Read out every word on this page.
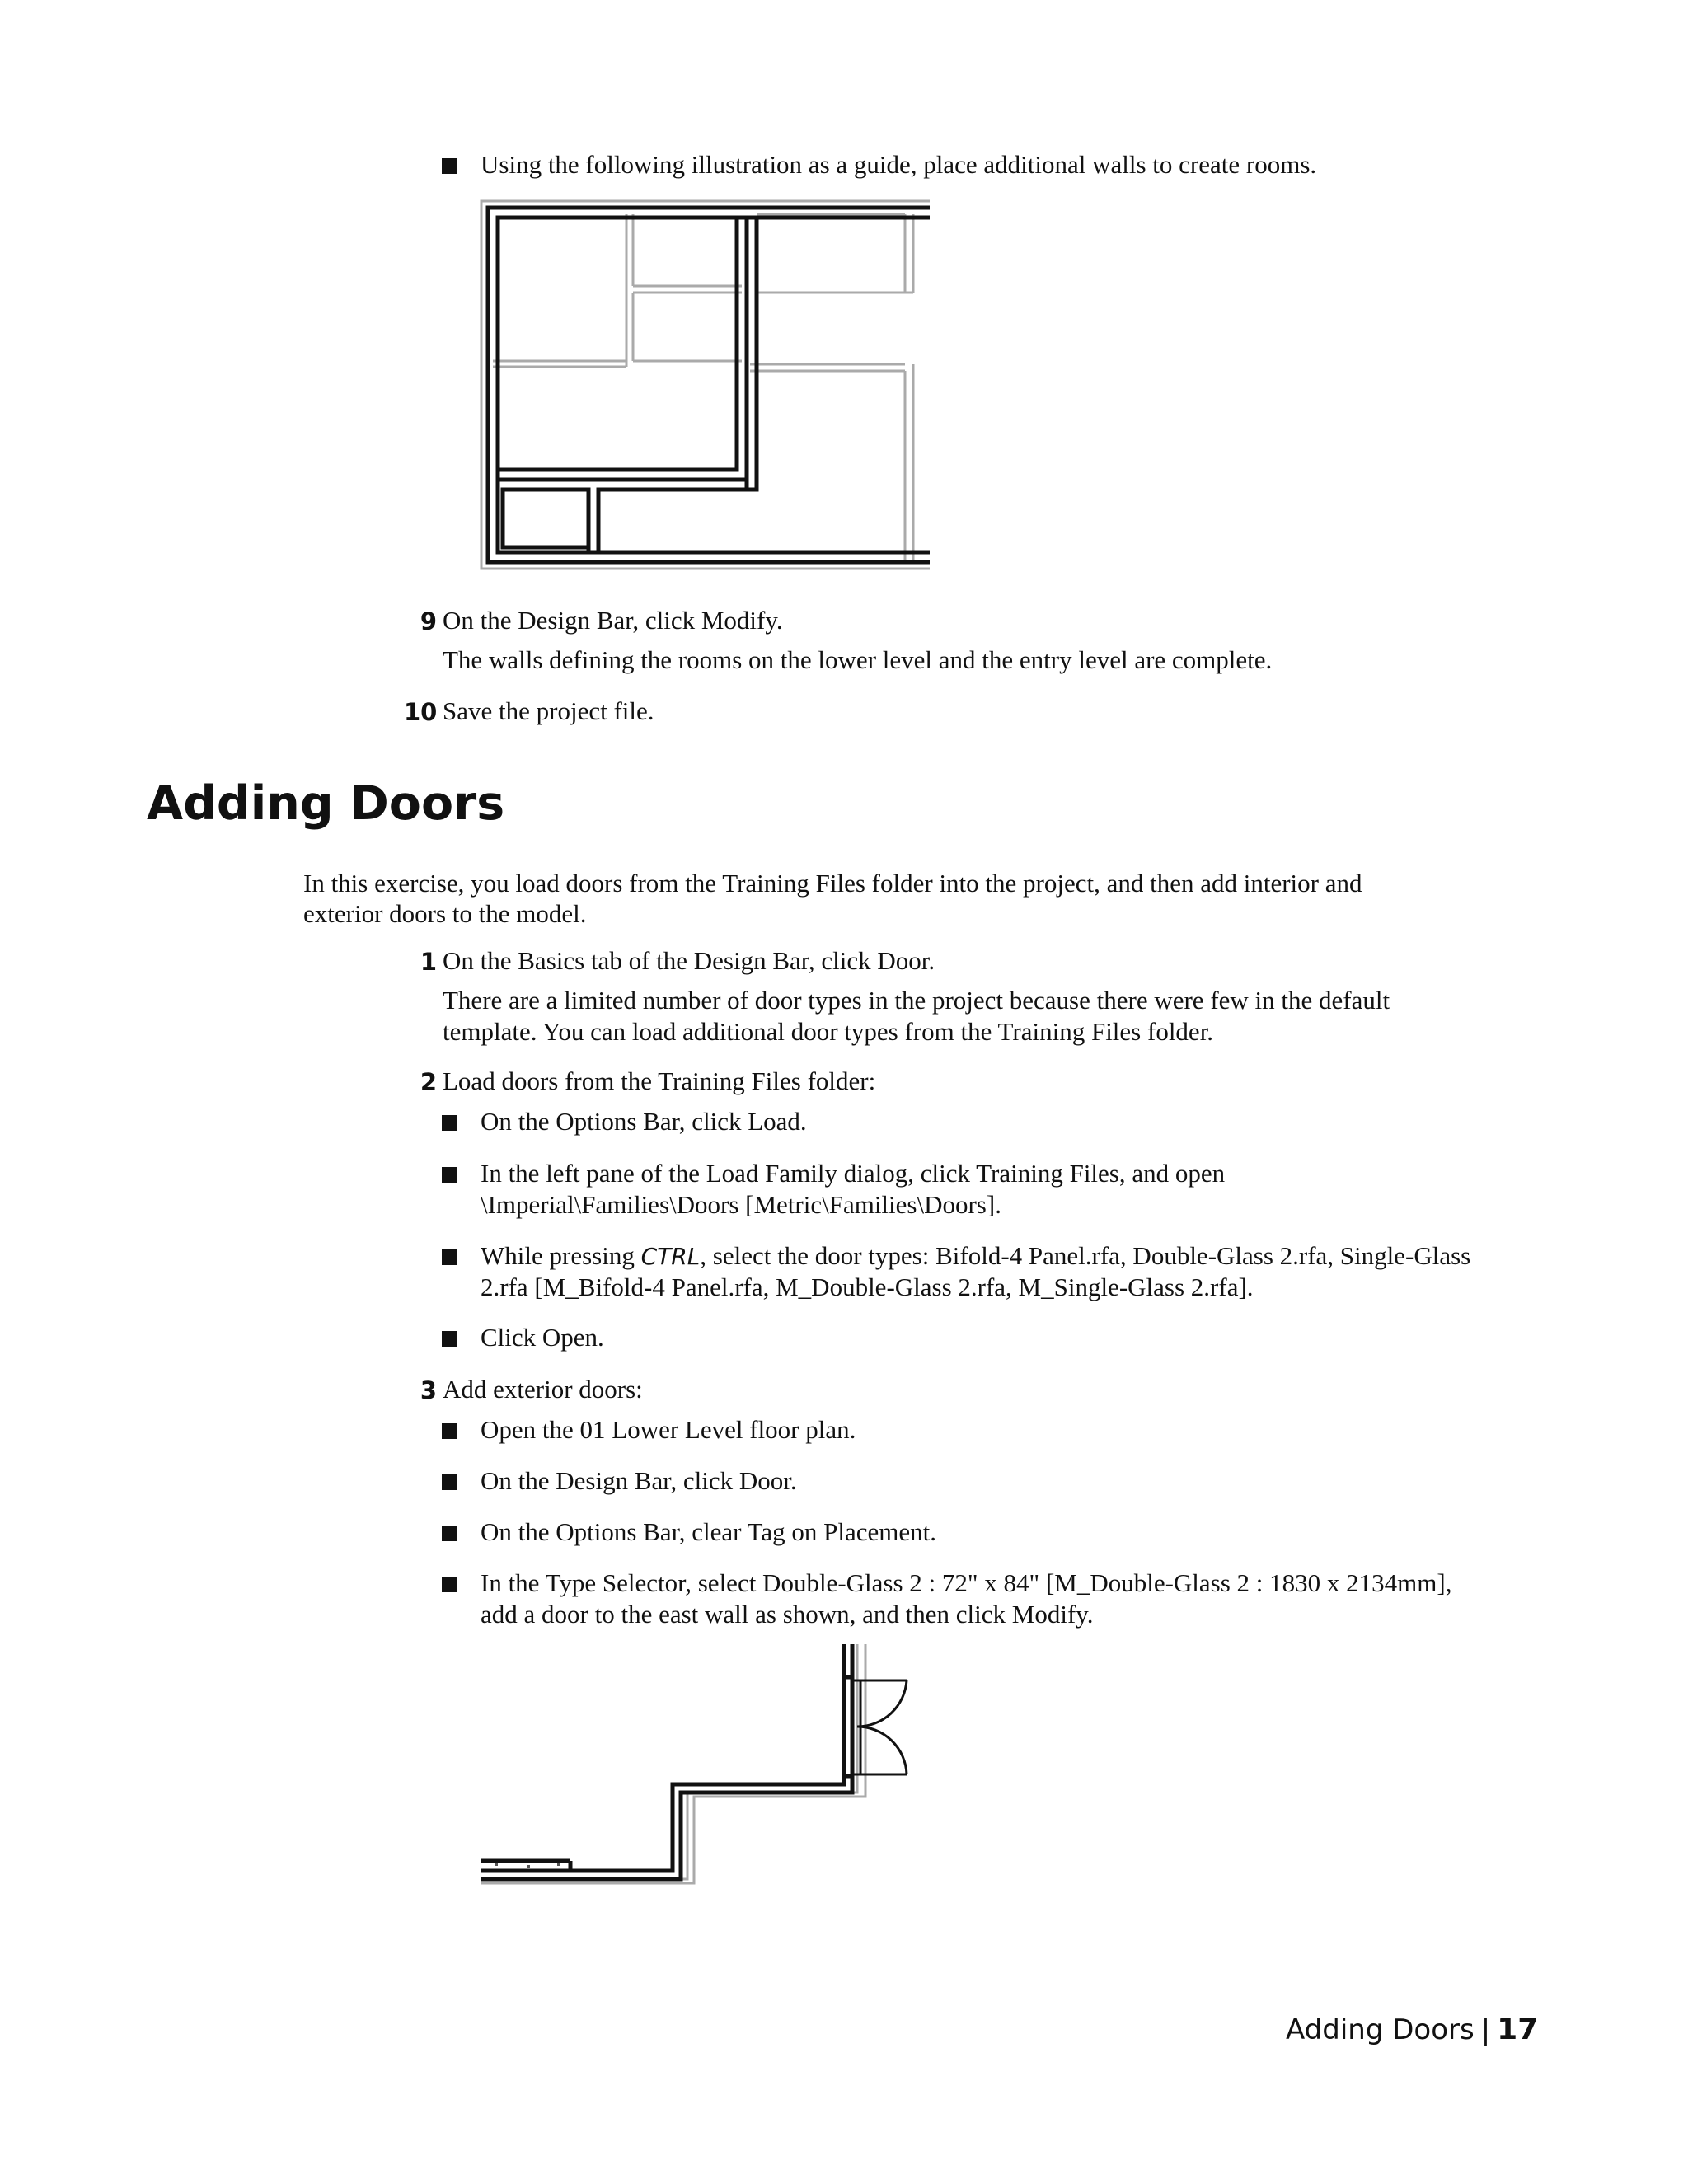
Using the following illustration as a guide, place additional walls to create rooms.
9 On the Design Bar, click Modify.
The walls defining the rooms on the lower level and the entry level are complete.
10 Save the project file.
Adding Doors
In this exercise, you load doors from the Training Files folder into the project, and then add interior and
exterior doors to the model.
1 On the Basics tab of the Design Bar, click Door.
There are a limited number of door types in the project because there were few in the default
template. You can load additional door types from the Training Files folder.
2 Load doors from the Training Files folder:
On the Options Bar, click Load.
In the left pane of the Load Family dialog, click Training Files, and open
\Imperial\Families\Doors [Metric\Families\Doors].
While pressing CTRL, select the door types: Bifold-4 Panel.rfa, Double-Glass 2.rfa, Single-Glass
2.rfa [M_Bifold-4 Panel.rfa, M_Double-Glass 2.rfa, M_Single-Glass 2.rfa].
Click Open.
3 Add exterior doors:
Open the 01 Lower Level floor plan.
On the Design Bar, click Door.
On the Options Bar, clear Tag on Placement.
In the Type Selector, select Double-Glass 2 : 72" x 84" [M_Double-Glass 2 : 1830 x 2134mm],
add a door to the east wall as shown, and then click Modify.
Adding Doors | 17
